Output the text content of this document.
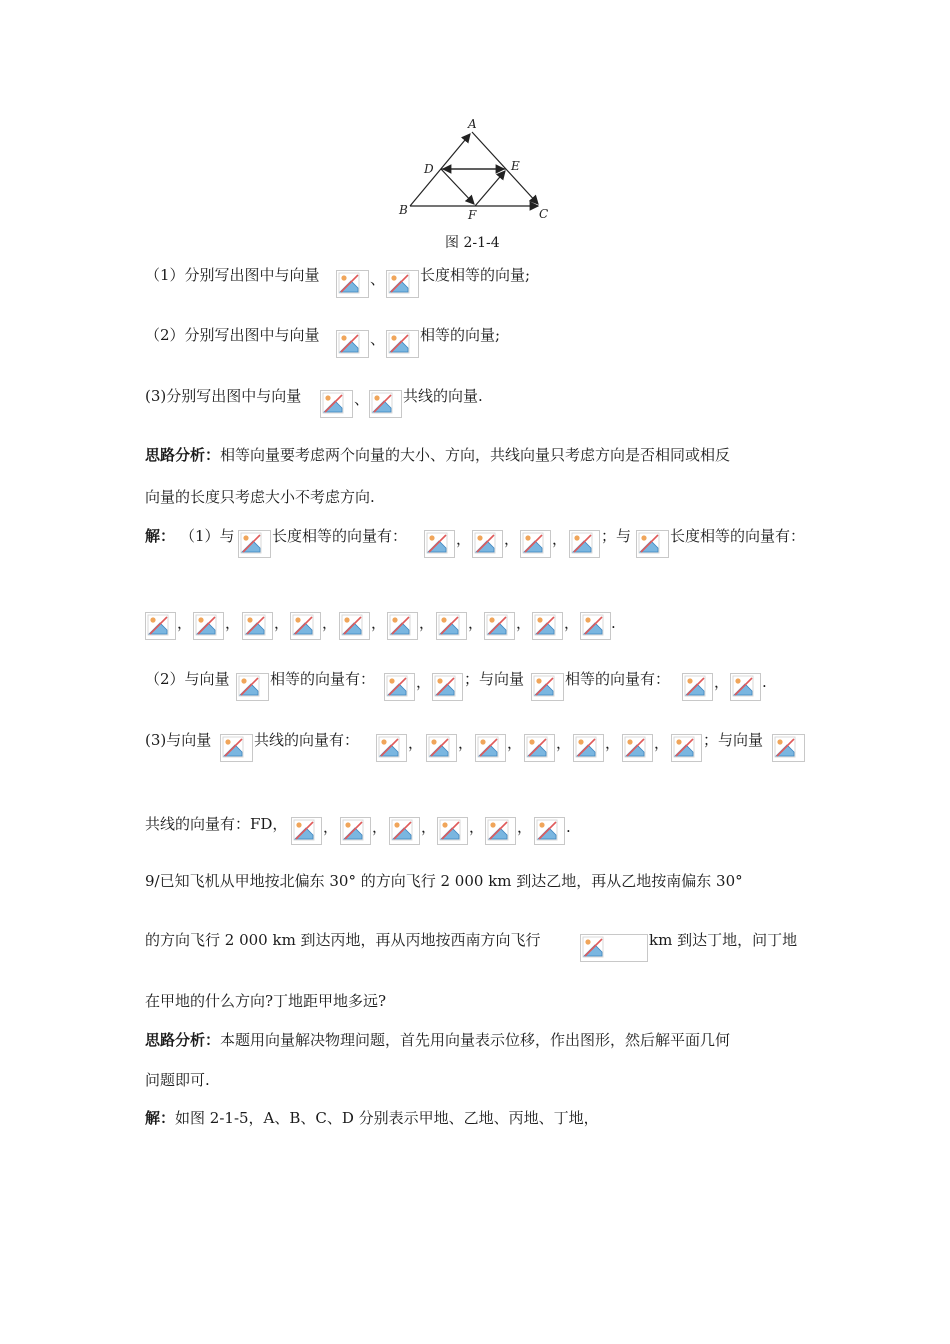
A
B	C
D	E
F
图 2-1-4
（1）分别写出图中与向量	、 长度相等的向量;
（2）分别写出图中与向量	、 相等的向量;
(3)分别写出图中与向量	、 共线的向量.
思路分析：相等向量要考虑两个向量的大小、方向，共线向量只考虑方向是否相同或相反
向量的长度只考虑大小不考虑方向.
解： （1）与 长度相等的向量有：	， ， ， ；与	长度相等的向量有：
， ， ， ， ， ， ， ， ， .
（2）与向量	相等的向量有：	， ；与向量	相等的向量有：	， .
(3)与向量	共线的向量有：	， ， ， ， ， ， ；与向量
共线的向量有：FD， ， ， ， ， ， .
9/已知飞机从甲地按北偏东 30° 的方向飞行 2 000 km 到达乙地，再从乙地按南偏东 30°
的方向飞行 2 000 km 到达丙地，再从丙地按西南方向飞行	km 到达丁地，问丁地
在甲地的什么方向?丁地距甲地多远?
思路分析：本题用向量解决物理问题，首先用向量表示位移，作出图形，然后解平面几何
问题即可.
解：如图 2-1-5，A、B、C、D 分别表示甲地、乙地、丙地、丁地，
